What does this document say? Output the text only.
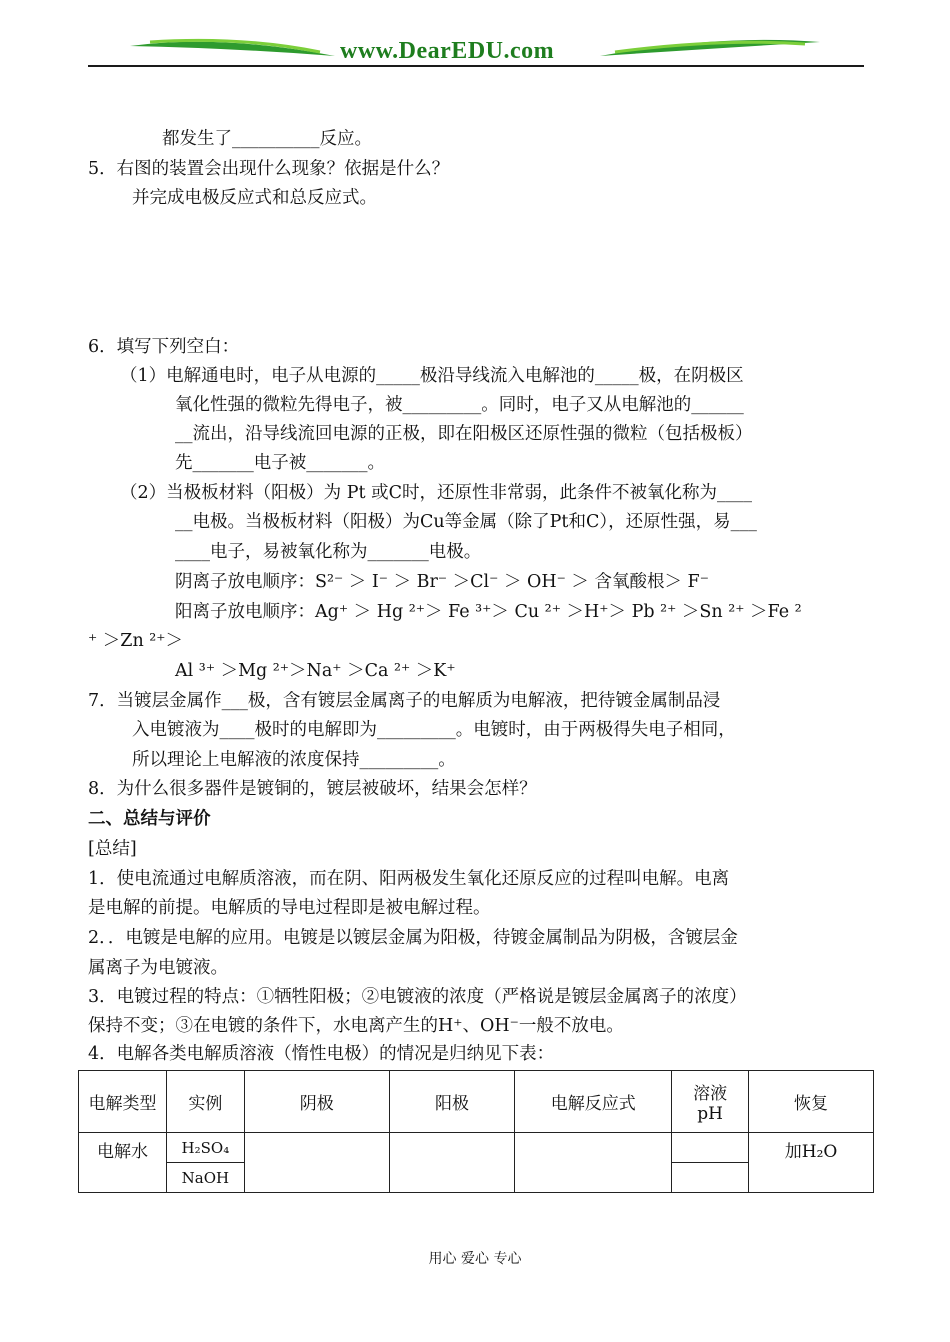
www.DearEDU.com
都发生了__________反应。
5．右图的装置会出现什么现象？依据是什么？
并完成电极反应式和总反应式。
6．填写下列空白：
（1）电解通电时，电子从电源的_____极沿导线流入电解池的_____极，在阴极区
氧化性强的微粒先得电子，被_________。同时，电子又从电解池的______
__流出，沿导线流回电源的正极，即在阳极区还原性强的微粒（包括极板）
先_______电子被_______。
（2）当极板材料（阳极）为 Pt 或C时，还原性非常弱，此条件不被氧化称为____
__电极。当极板材料（阳极）为Cu等金属（除了Pt和C），还原性强，易___
____电子，易被氧化称为_______电极。
阴离子放电顺序：S²⁻ ＞ I⁻ ＞ Br⁻ ＞Cl⁻ ＞ OH⁻ ＞ 含氧酸根＞ F⁻
阳离子放电顺序：Ag⁺ ＞ Hg ²⁺＞ Fe ³⁺＞ Cu ²⁺ ＞H⁺＞ Pb ²⁺ ＞Sn ²⁺ ＞Fe ²
⁺ ＞Zn ²⁺＞
Al ³⁺ ＞Mg ²⁺＞Na⁺ ＞Ca ²⁺ ＞K⁺
7．当镀层金属作___极，含有镀层金属离子的电解质为电解液，把待镀金属制品浸
入电镀液为____极时的电解即为_________。电镀时，由于两极得失电子相同，
所以理论上电解液的浓度保持_________。
8．为什么很多器件是镀铜的，镀层被破坏，结果会怎样？
二、总结与评价
[总结]
1．使电流通过电解质溶液，而在阴、阳两极发生氧化还原反应的过程叫电解。电离
是电解的前提。电解质的导电过程即是被电解过程。
2．．电镀是电解的应用。电镀是以镀层金属为阳极，待镀金属制品为阴极，含镀层金
属离子为电镀液。
3．电镀过程的特点：①牺牲阳极；②电镀液的浓度（严格说是镀层金属离子的浓度）
保持不变；③在电镀的条件下，水电离产生的H⁺、OH⁻一般不放电。
4．电解各类电解质溶液（惰性电极）的情况是归纳见下表：
电解类型	实例	阴极	阳极	电解反应式	溶液pH	恢复
电解水	H₂SO₄					加H₂O
	NaOH					
用心 爱心 专心
